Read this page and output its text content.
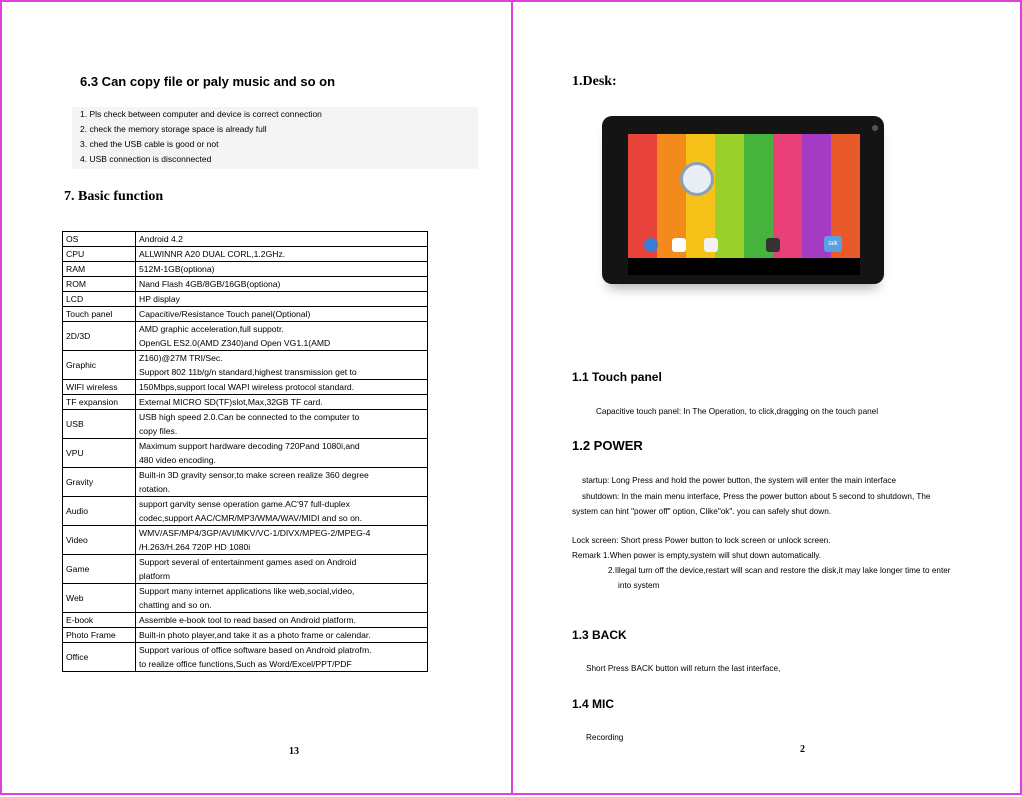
6.3 Can copy file or paly music and so on
1. Pls check between computer and device is correct connection
2. check the memory storage space is already full
3. ched the USB cable is good or not
4. USB connection is disconnected
7. Basic function
OS	Android 4.2

CPU	ALLWINNR A20 DUAL CORL,1.2GHz.

RAM	512M-1GB(optiona)

ROM	Nand Flash 4GB/8GB/16GB(optiona)

LCD	HP display

Touch panel	Capacitive/Resistance Touch panel(Optional)

2D/3D	AMD graphic acceleration,full suppotr.
OpenGL ES2.0(AMD Z340)and Open VG1.1(AMD

Graphic	Z160)@27M TRI/Sec.
Support 802 11b/g/n standard,highest transmission get to

WIFI wireless	150Mbps,support local WAPI wireless protocol standard.

TF expansion	External MICRO SD(TF)slot,Max,32GB TF card.

USB	USB high speed 2.0.Can be connected to the computer to
copy files.

VPU	Maximum support hardware decoding 720Pand 1080i,and
480 video encoding.

Gravity	Built-in 3D gravity sensor,to make screen realize 360 degree
rotation.

Audio	support garvity sense operation game.AC'97 full-duplex
codec,support AAC/CMR/MP3/WMA/WAV/MIDI and so on.

Video	WMV/ASF/MP4/3GP/AVI/MKV/VC-1/DIVX/MPEG-2/MPEG-4
/H.263/H.264 720P HD 1080i

Game	Support several of entertainment games ased on Android
platform

Web	Support many internet applications like web,social,video,
chatting and so on.

E-book	Assemble e-book tool to read based on Android platform.

Photo Frame	Built-in photo player,and take it as a photo frame or calendar.

Office	Support various of office software based on Android platrofm.
to realize office functions,Such as Word/Excel/PPT/PDF
13
1.Desk:
talk
1.1 Touch panel
Capacitive touch panel: In The Operation, to click,dragging on the touch panel
1.2 POWER
startup: Long Press and hold the power button, the system will enter the main interface
shutdown: In the main menu interface, Press the power button about 5 second to shutdown, The
system can hint "power off" option, Clike"ok". you can safely shut down.
Lock screen: Short press Power button to lock screen or unlock screen.
Remark 1.When power is empty,system will shut down automatically.
2.Illegal turn off the device,restart will scan and restore the disk,it may lake longer time to enter
into system
1.3 BACK
Short Press BACK button will return the last interface,
1.4 MIC
Recording
2
